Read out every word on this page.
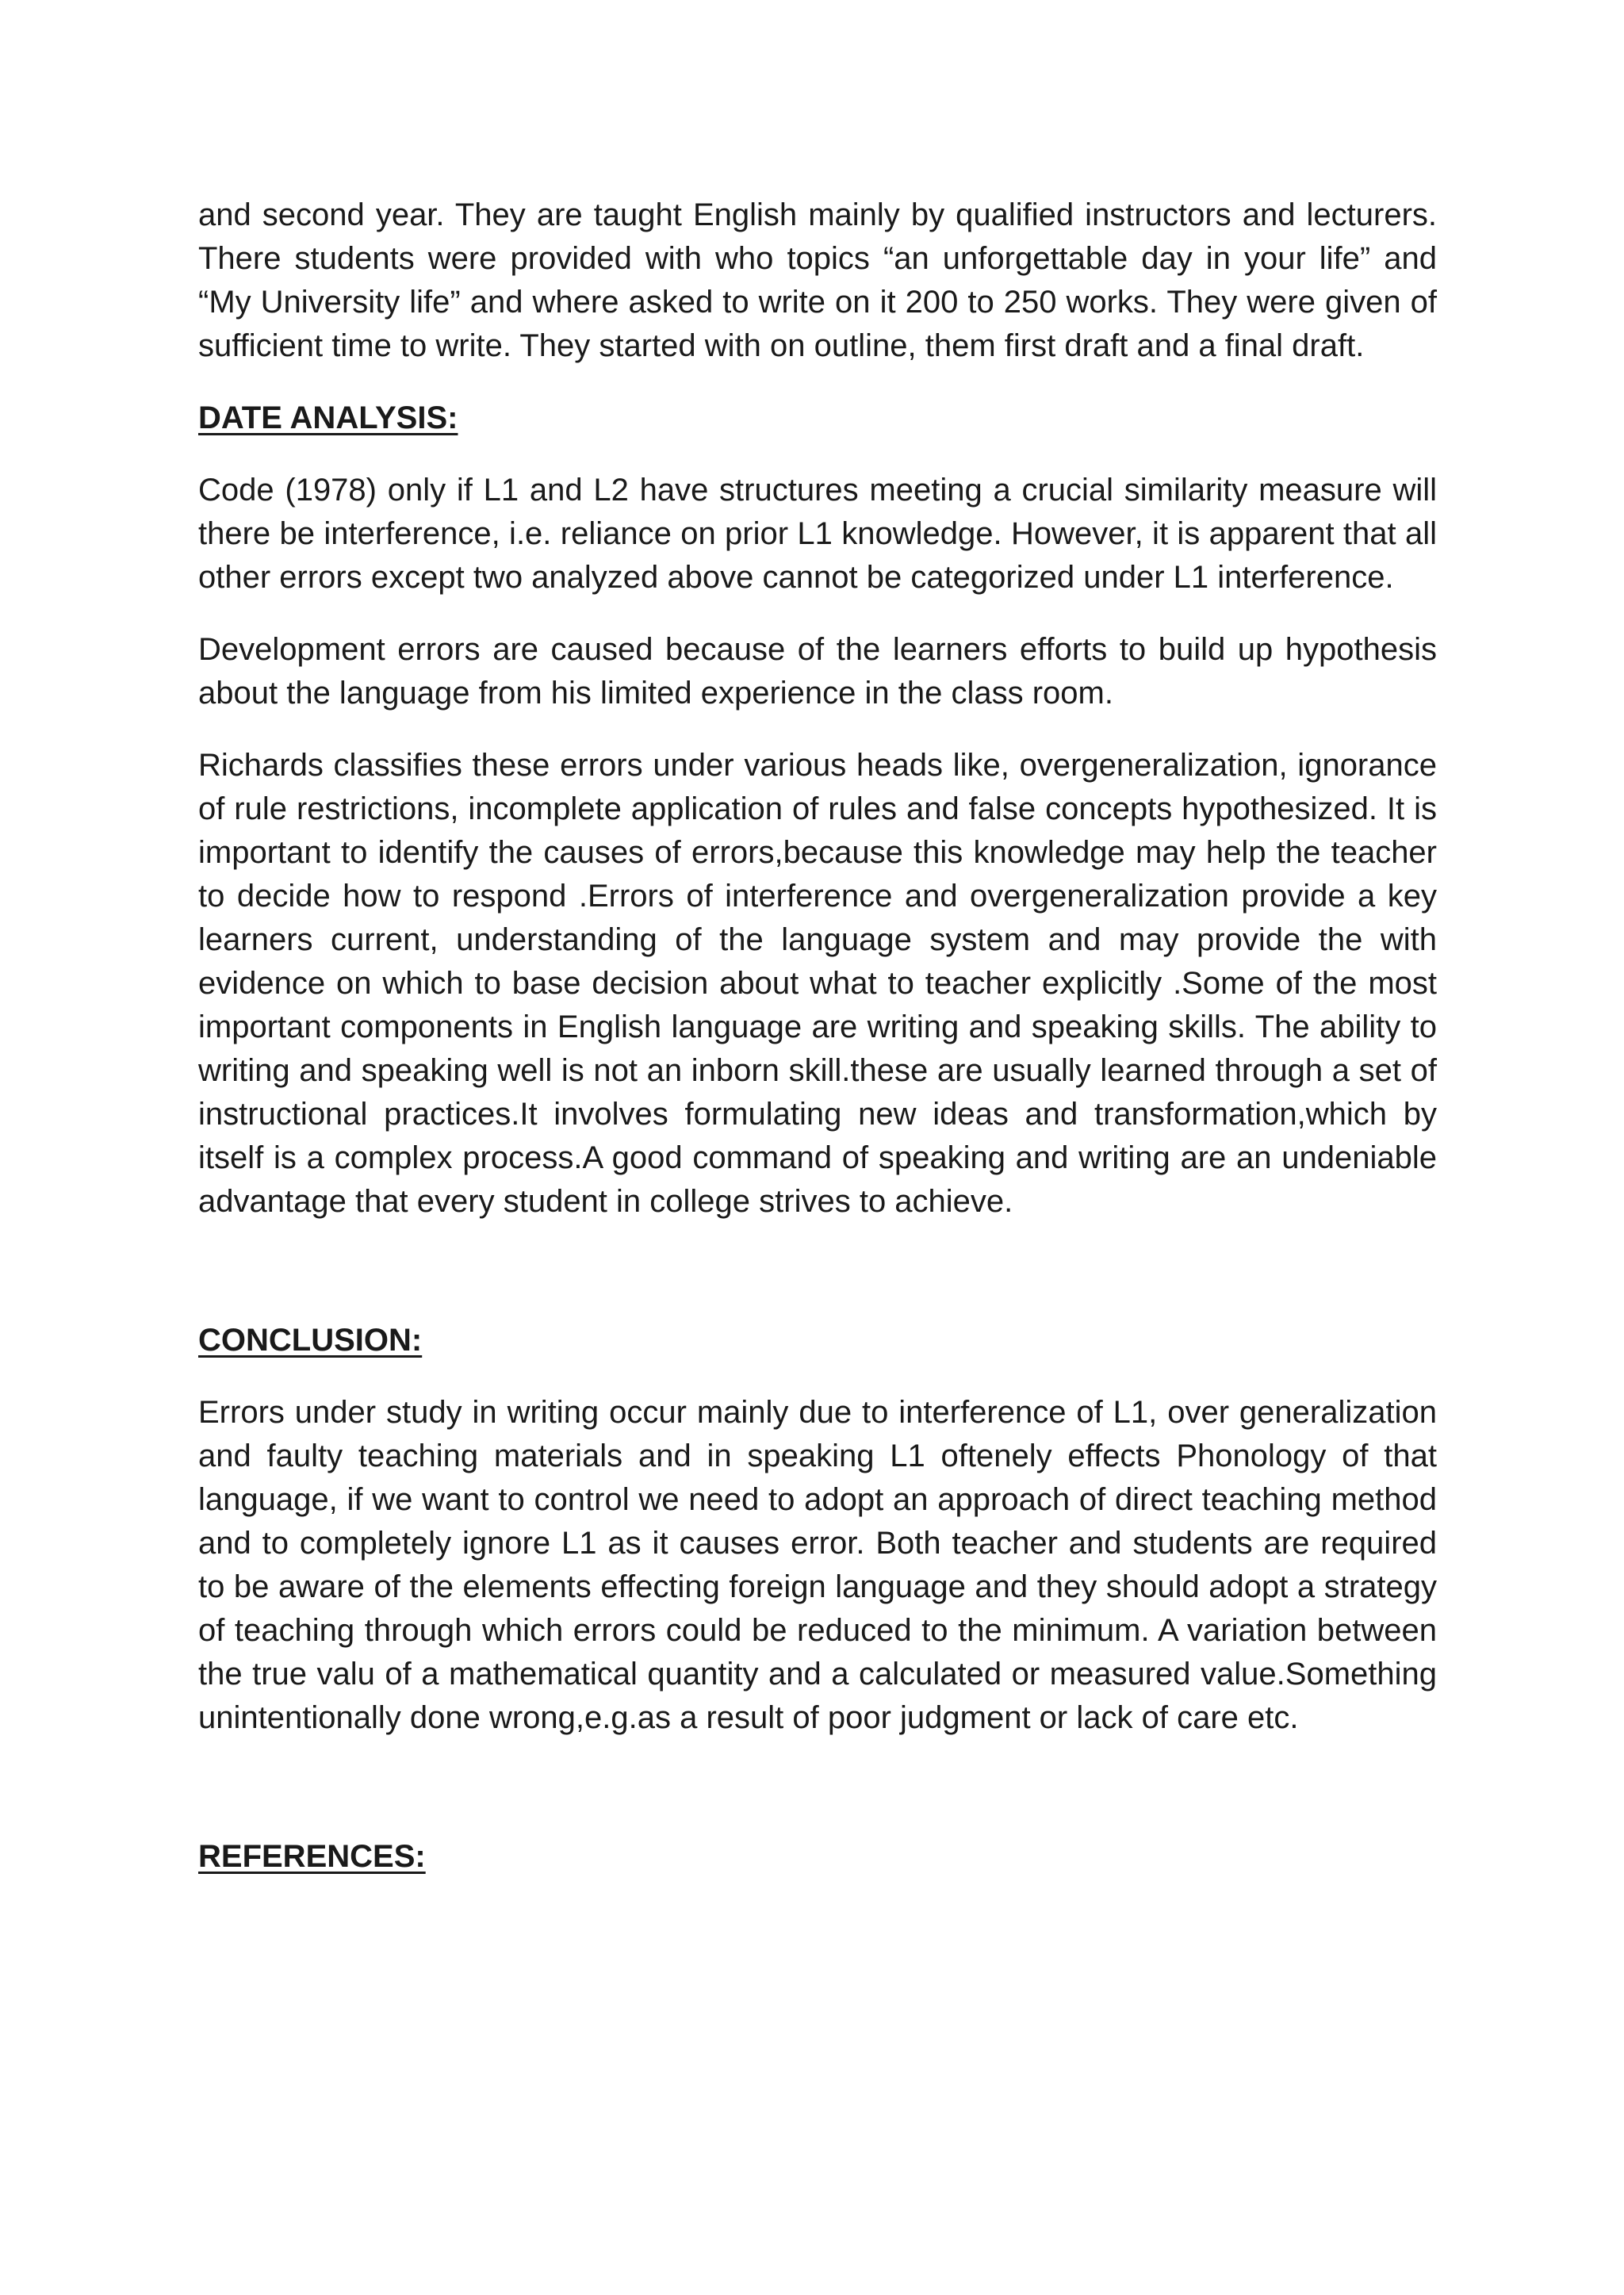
and second year. They are taught English mainly by qualified instructors and lecturers. There students were provided with who topics “an unforgettable day in your life” and “My University life” and where asked to write on it 200 to 250 works. They were given of sufficient time to write. They started with on outline, them first draft and a final draft.

DATE ANALYSIS:

Code (1978) only if L1 and L2 have structures meeting a crucial similarity measure will there be interference, i.e. reliance on prior L1 knowledge. However, it is apparent that all other errors except two analyzed above cannot be categorized under L1 interference.

Development errors are caused because of the learners efforts to build up hypothesis about the language from his limited experience in the class room.

Richards classifies these errors under various heads like, overgeneralization, ignorance of rule restrictions, incomplete application of rules and false concepts hypothesized. It is important to identify the causes of errors,because this knowledge may help the teacher to decide how to respond .Errors of interference and overgeneralization provide a key learners current, understanding of the language system and may provide the with evidence on which to base decision about what to teacher explicitly .Some of the most important components in English language are writing and speaking skills. The ability to writing and speaking well is not an inborn skill.these are usually learned through a set of instructional practices.It involves formulating new ideas and transformation,which by itself is a complex process.A good command of speaking and writing are an undeniable advantage that every student in college strives to achieve.

CONCLUSION:

Errors under study in writing occur mainly due to interference of L1, over generalization and faulty teaching materials and in speaking L1 oftenely effects Phonology of that language, if we want to control we need to adopt an approach of direct teaching method and to completely ignore L1 as it causes error. Both teacher and students are required to be aware of the elements effecting foreign language and they should adopt a strategy of teaching through which errors could be reduced to the minimum. A variation between the true valu of a mathematical quantity and a calculated or measured value.Something unintentionally done wrong,e.g.as a result of poor judgment or lack of care etc.

REFERENCES:
